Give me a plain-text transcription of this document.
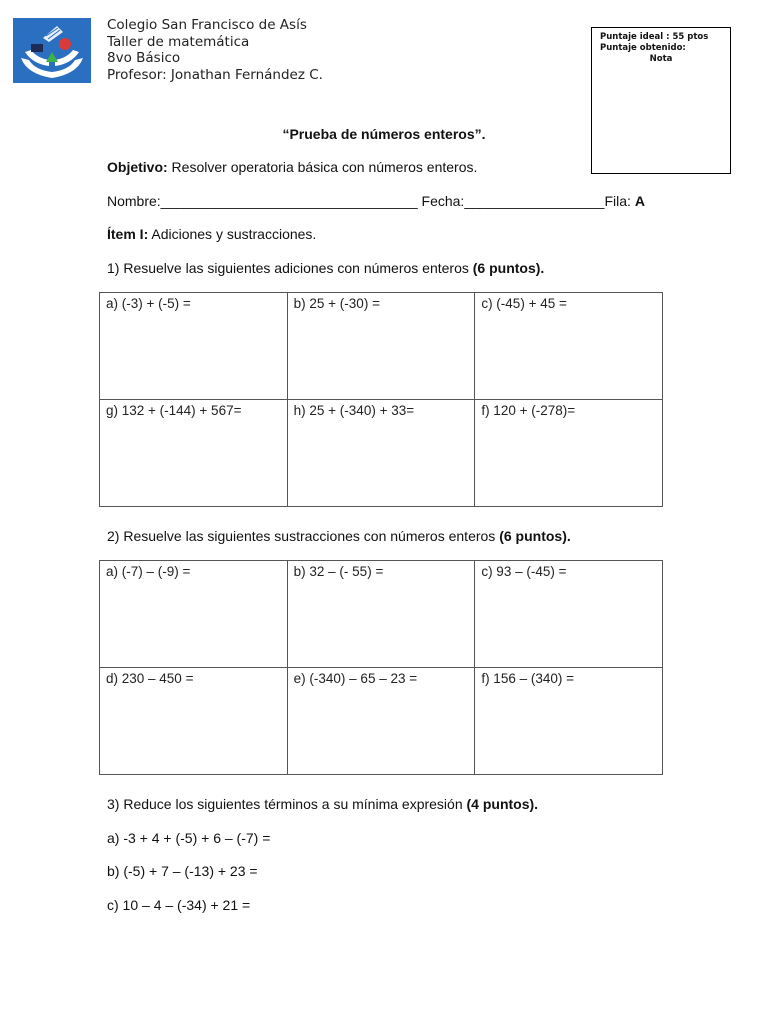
Colegio San Francisco de Asís
Taller de matemática
8vo Básico
Profesor: Jonathan Fernández C.
Puntaje ideal : 55 ptos
Puntaje obtenido:
Nota
“Prueba de números enteros”.
Objetivo: Resolver operatoria básica con números enteros.
Nombre:_________________________________ Fecha:__________________Fila: A
Ítem I: Adiciones y sustracciones.
1) Resuelve las siguientes adiciones con números enteros (6 puntos).
a) (-3) + (-5) =	b) 25 + (-30) =	c) (-45) + 45 =
g) 132 + (-144) + 567=	h) 25 + (-340) + 33=	f) 120 + (-278)=
2) Resuelve las siguientes sustracciones con números enteros (6 puntos).
a) (-7) – (-9) =	b) 32 – (- 55) =	c) 93 – (-45) =
d) 230 – 450 =	e) (-340) – 65 – 23 =	f) 156 – (340) =
3) Reduce los siguientes términos a su mínima expresión (4 puntos).
a) -3 + 4 + (-5) + 6 – (-7) =
b) (-5) + 7 – (-13) + 23 =
c) 10 – 4 – (-34) + 21 =
